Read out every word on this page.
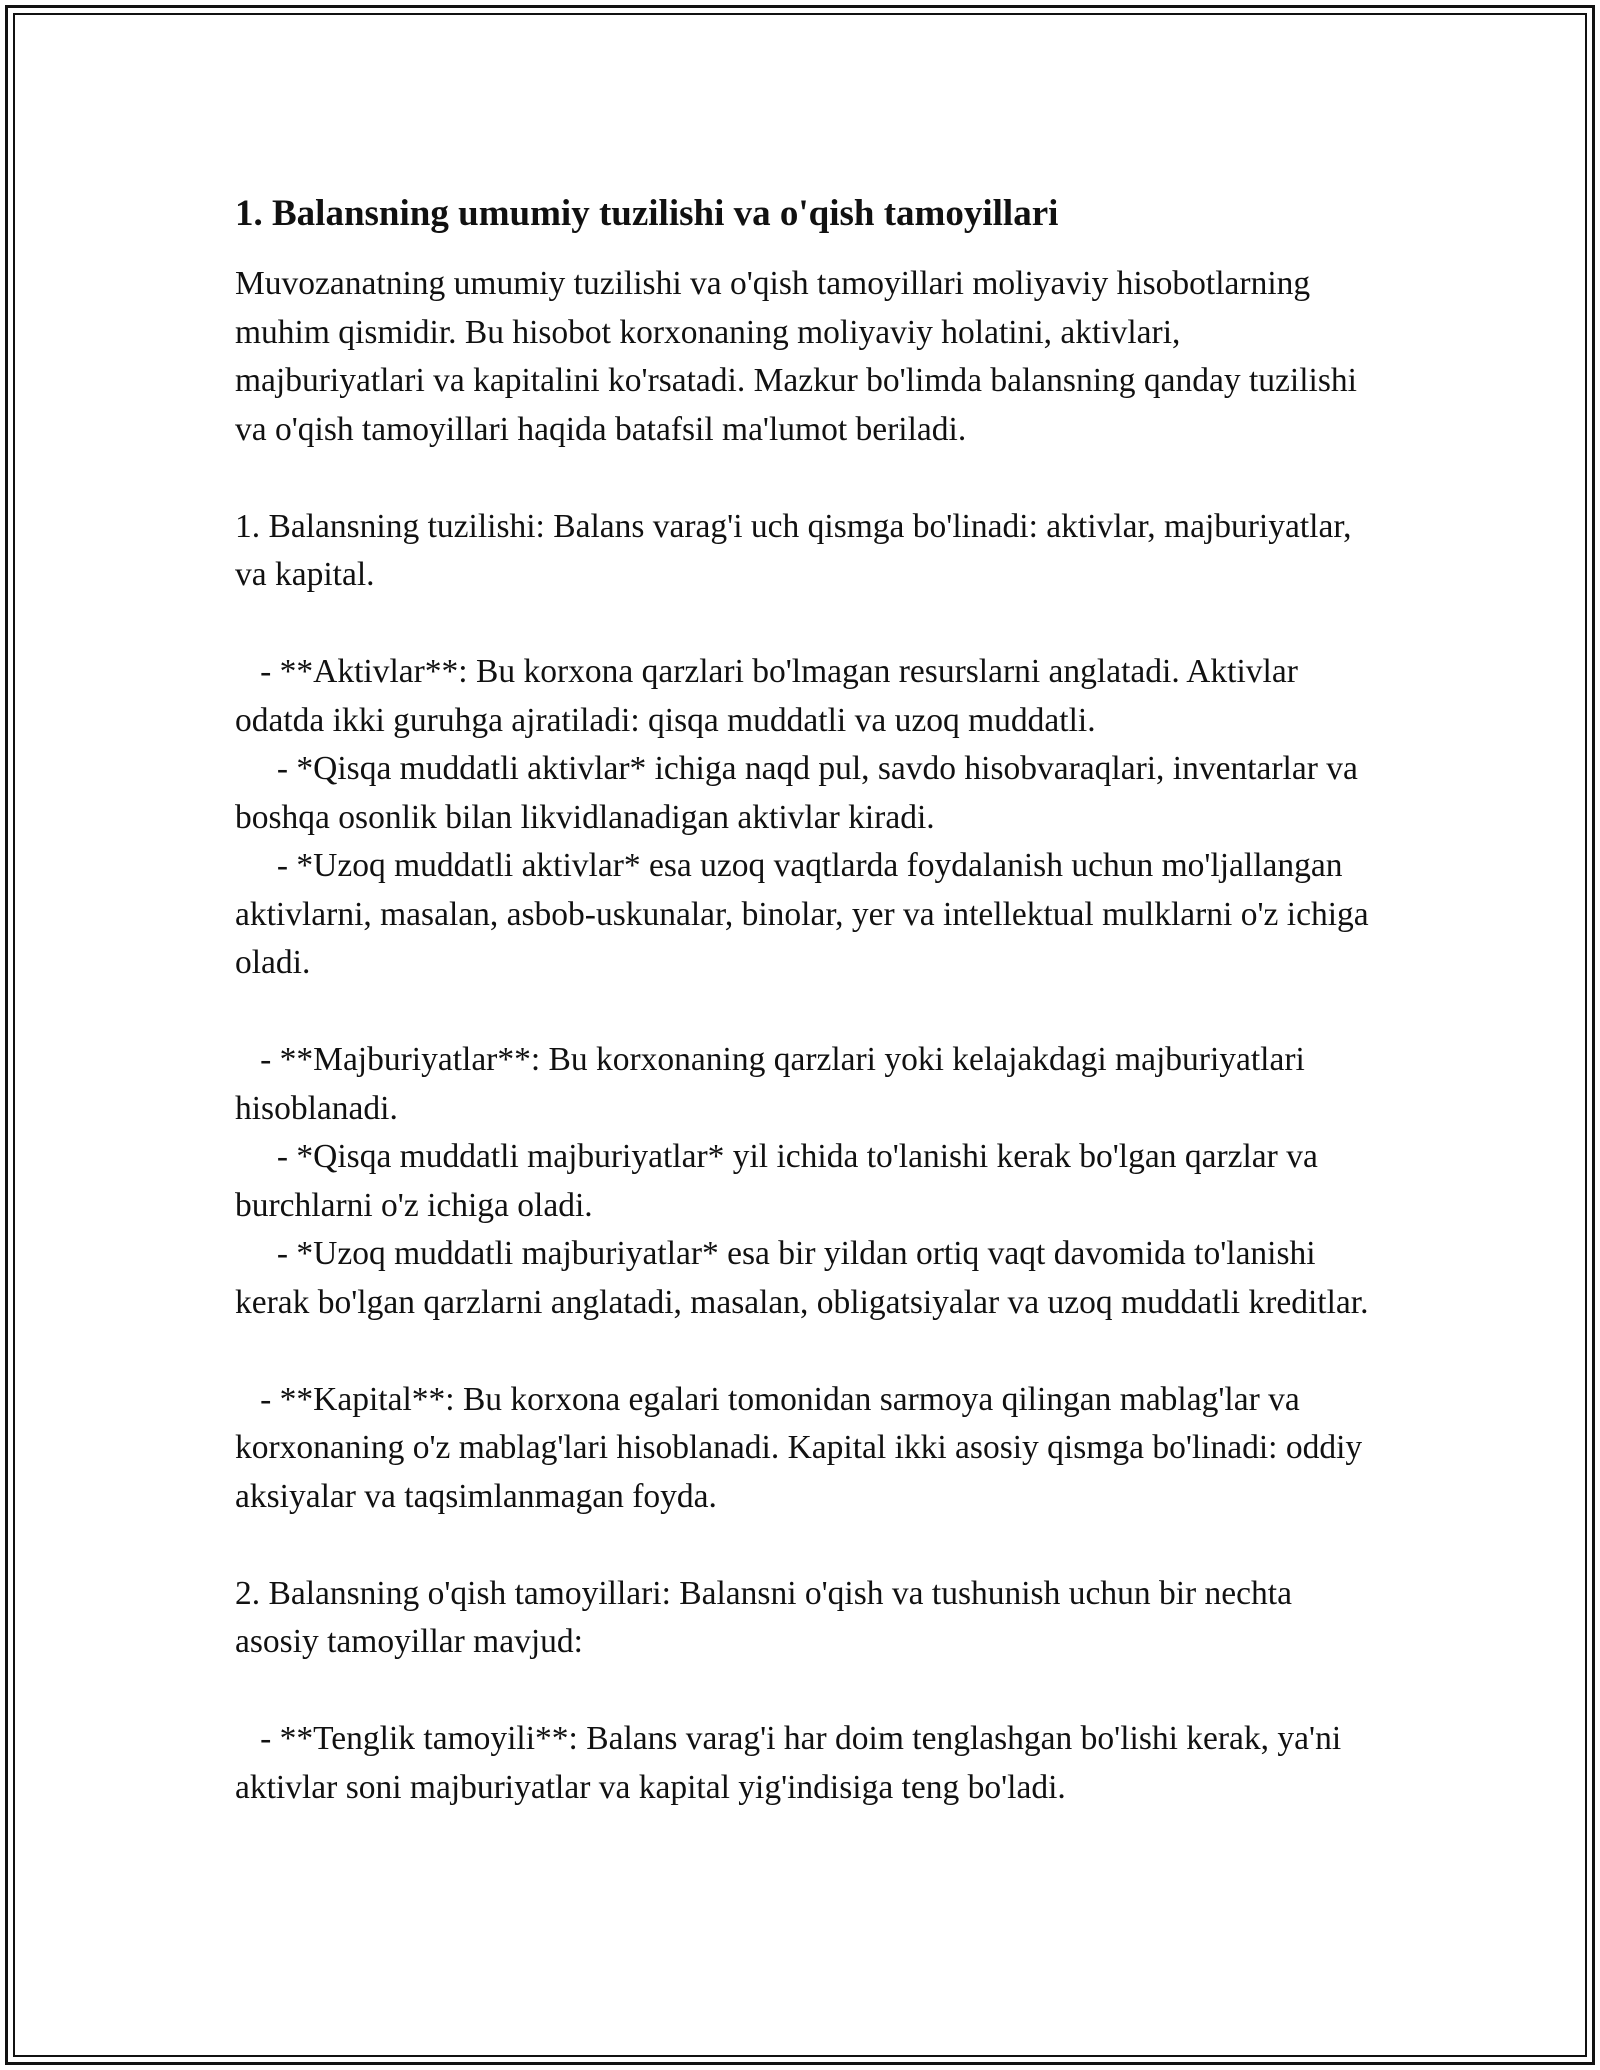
1. Balansning umumiy tuzilishi va o'qish tamoyillari

Muvozanatning umumiy tuzilishi va o'qish tamoyillari moliyaviy hisobotlarning muhim qismidir. Bu hisobot korxonaning moliyaviy holatini, aktivlari, majburiyatlari va kapitalini ko'rsatadi. Mazkur bo'limda balansning qanday tuzilishi va o'qish tamoyillari haqida batafsil ma'lumot beriladi.

1. Balansning tuzilishi: Balans varag'i uch qismga bo'linadi: aktivlar, majburiyatlar, va kapital.

- **Aktivlar**: Bu korxona qarzlari bo'lmagan resurslarni anglatadi. Aktivlar odatda ikki guruhga ajratiladi: qisqa muddatli va uzoq muddatli.
- *Qisqa muddatli aktivlar* ichiga naqd pul, savdo hisobvaraqlari, inventarlar va boshqa osonlik bilan likvidlanadigan aktivlar kiradi.
- *Uzoq muddatli aktivlar* esa uzoq vaqtlarda foydalanish uchun mo'ljallangan aktivlarni, masalan, asbob-uskunalar, binolar, yer va intellektual mulklarni o'z ichiga oladi.

- **Majburiyatlar**: Bu korxonaning qarzlari yoki kelajakdagi majburiyatlari hisoblanadi.
- *Qisqa muddatli majburiyatlar* yil ichida to'lanishi kerak bo'lgan qarzlar va burchlarni o'z ichiga oladi.
- *Uzoq muddatli majburiyatlar* esa bir yildan ortiq vaqt davomida to'lanishi kerak bo'lgan qarzlarni anglatadi, masalan, obligatsiyalar va uzoq muddatli kreditlar.

- **Kapital**: Bu korxona egalari tomonidan sarmoya qilingan mablag'lar va korxonaning o'z mablag'lari hisoblanadi. Kapital ikki asosiy qismga bo'linadi: oddiy aksiyalar va taqsimlanmagan foyda.

2. Balansning o'qish tamoyillari: Balansni o'qish va tushunish uchun bir nechta asosiy tamoyillar mavjud:

- **Tenglik tamoyili**: Balans varag'i har doim tenglashgan bo'lishi kerak, ya'ni aktivlar soni majburiyatlar va kapital yig'indisiga teng bo'ladi.
